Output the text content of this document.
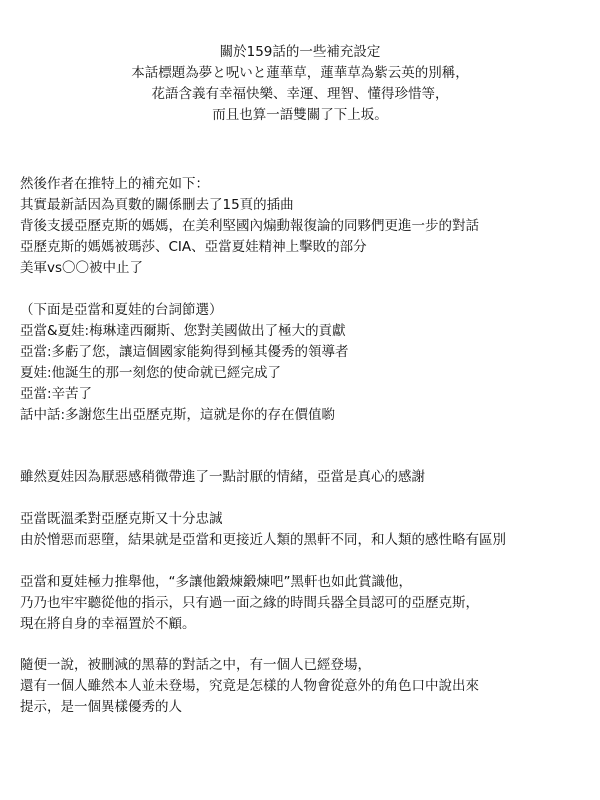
關於159話的一些補充設定
本話標題為夢と呪いと蓮華草，蓮華草為紫云英的別稱，
花語含義有幸福快樂、幸運、理智、懂得珍惜等，
而且也算一語雙關了下上坂。
然後作者在推特上的補充如下：
其實最新話因為頁數的關係刪去了15頁的插曲
背後支援亞歷克斯的媽媽，在美利堅國內煽動報復論的同夥們更進一步的對話
亞歷克斯的媽媽被瑪莎、CIA、亞當夏娃精神上擊敗的部分
美軍vs〇〇被中止了
（下面是亞當和夏娃的台詞節選）
亞當&夏娃:梅琳達西爾斯、您對美國做出了極大的貢獻
亞當:多虧了您，讓這個國家能夠得到極其優秀的領導者
夏娃:他誕生的那一刻您的使命就已經完成了
亞當:辛苦了
話中話:多謝您生出亞歷克斯，這就是你的存在價值喲
雖然夏娃因為厭惡感稍微帶進了一點討厭的情緒，亞當是真心的感謝
亞當既溫柔對亞歷克斯又十分忠誠
由於憎惡而惡墮，結果就是亞當和更接近人類的黑軒不同，和人類的感性略有區別
亞當和夏娃極力推舉他，“多讓他鍛煉鍛煉吧”黑軒也如此賞識他，
乃乃也牢牢聽從他的指示，只有過一面之緣的時間兵器全員認可的亞歷克斯，
現在將自身的幸福置於不顧。
隨便一說，被刪減的黑幕的對話之中，有一個人已經登場，
還有一個人雖然本人並未登場，究竟是怎樣的人物會從意外的角色口中說出來
提示，是一個異樣優秀的人
